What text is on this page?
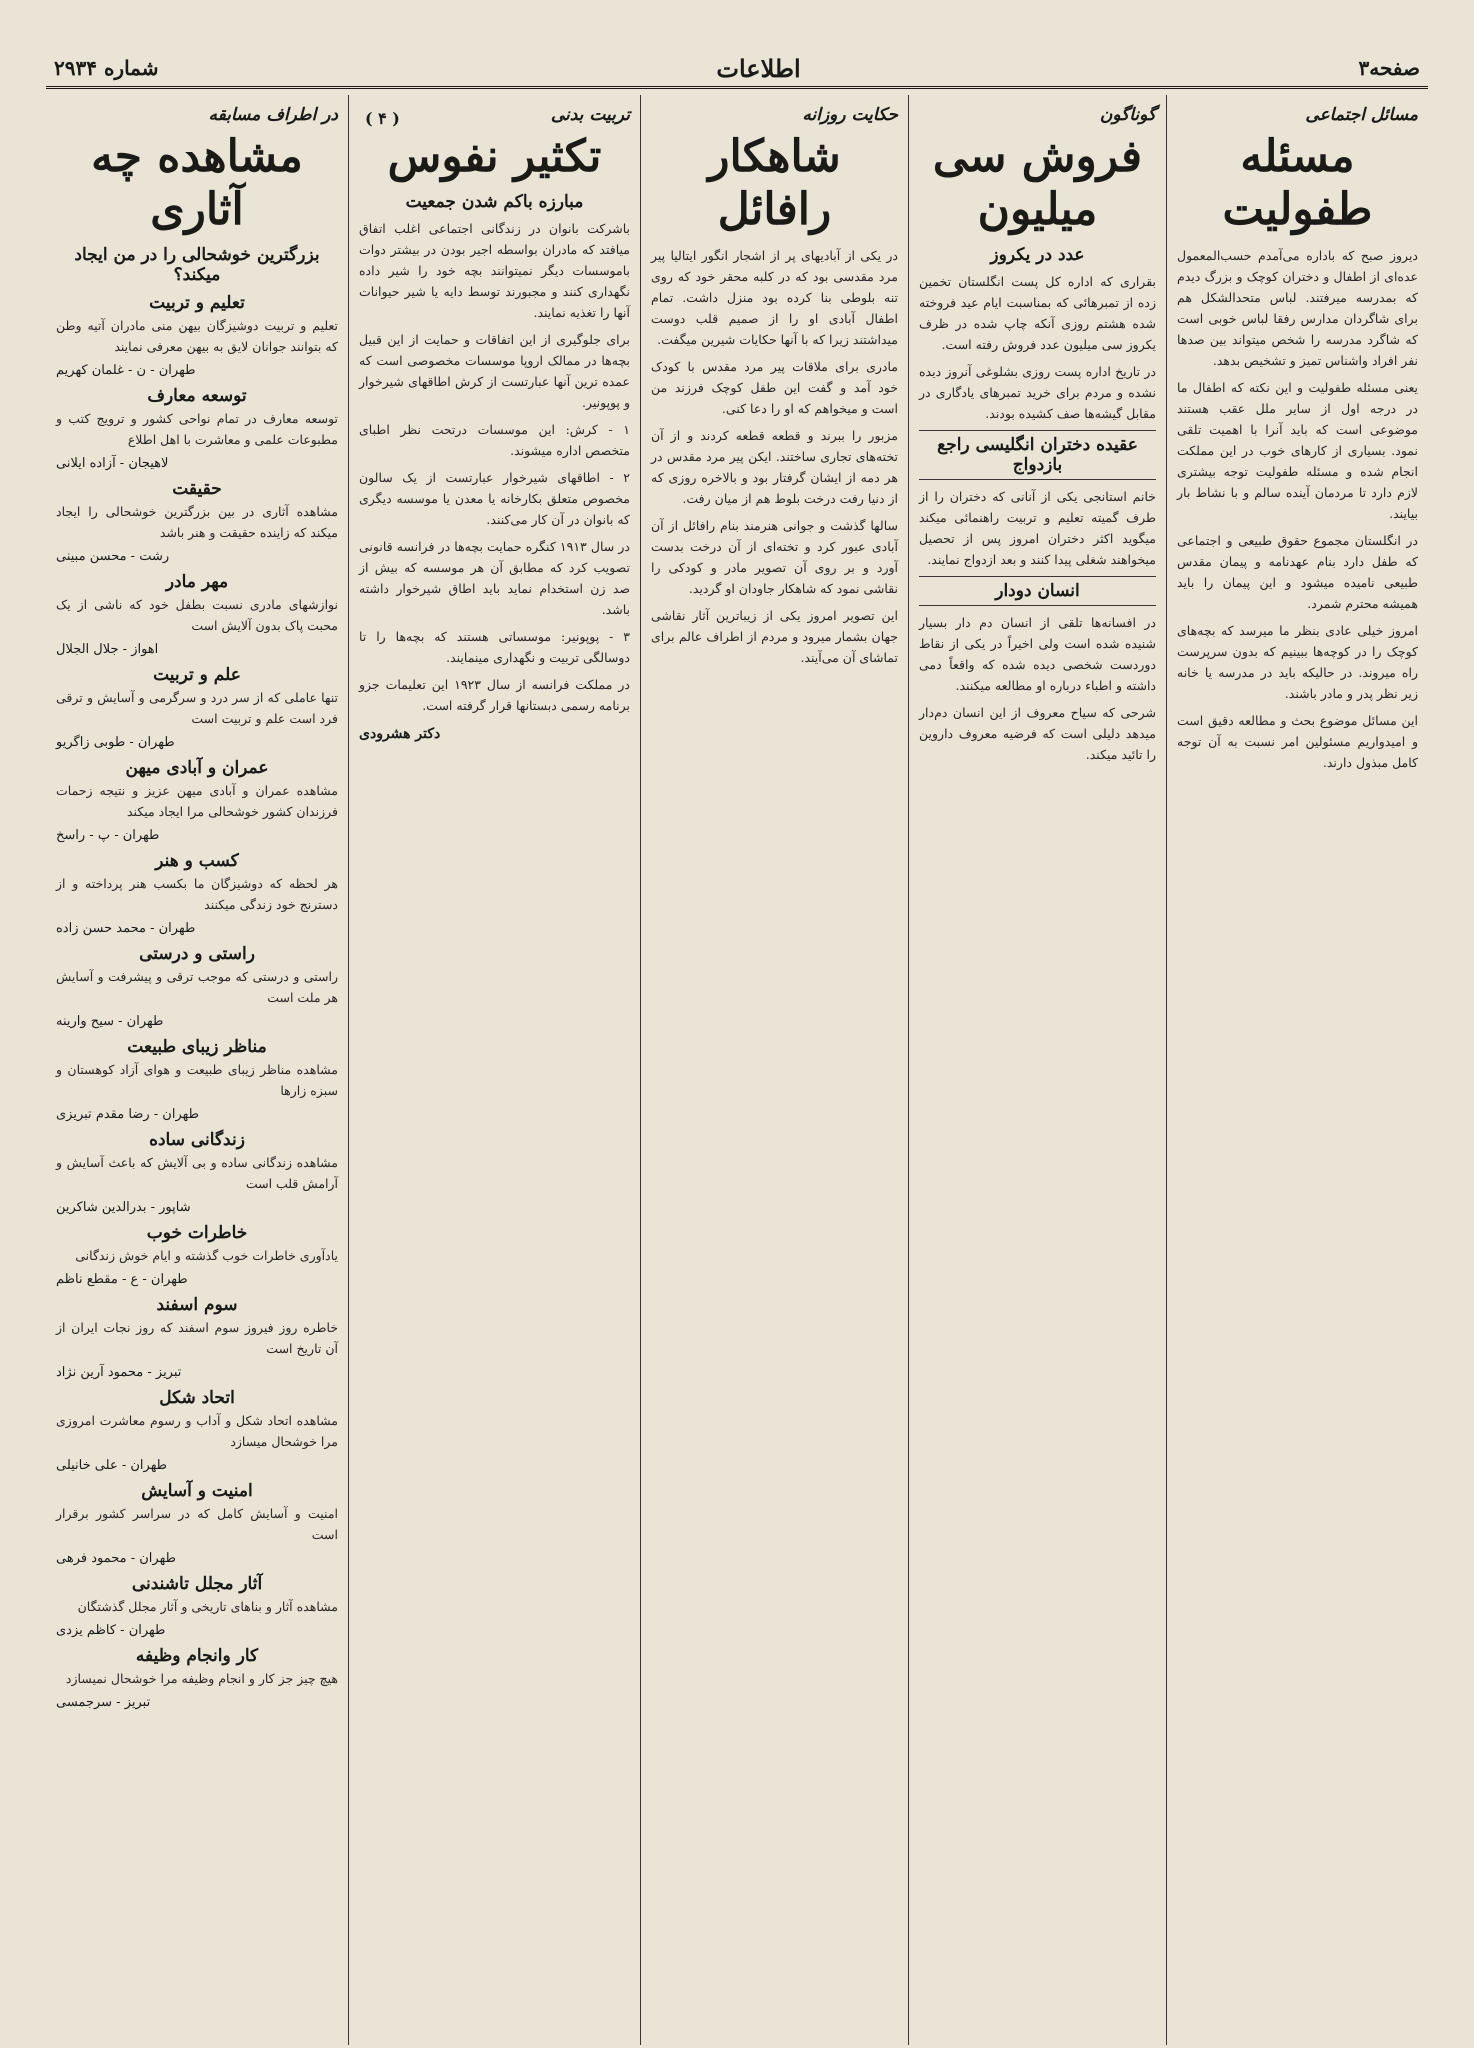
صفحه۳
اطلاعات
شماره ۲۹۳۴
مسائل اجتماعی
مسئله طفولیت

دیروز صبح که باداره می‌آمدم حسب‌المعمول عده‌ای از اطفال و دختران کوچک و بزرگ دیدم که بمدرسه میرفتند. لباس متحدالشکل هم برای شاگردان مدارس رفقا لباس خوبی است که شاگرد مدرسه را شخص میتواند بین صدها نفر افراد واشناس تمیز و تشخیص بدهد.

یعنی مسئله طفولیت و این نکته که اطفال ما در درجه اول از سایر ملل عقب هستند موضوعی است که باید آنرا با اهمیت تلقی نمود. بسیاری از کارهای خوب در این مملکت انجام شده و مسئله طفولیت توجه بیشتری لازم دارد تا مردمان آینده سالم و با نشاط بار بیایند.

در انگلستان مجموع حقوق طبیعی و اجتماعی که طفل دارد بنام عهدنامه و پیمان مقدس طبیعی نامیده میشود و این پیمان را باید همیشه محترم شمرد.

امروز خیلی عادی بنظر ما میرسد که بچه‌های کوچک را در کوچه‌ها ببینیم که بدون سرپرست راه میروند. در حالیکه باید در مدرسه یا خانه زیر نظر پدر و مادر باشند.

این مسائل موضوع بحث و مطالعه دقیق است و امیدواریم مسئولین امر نسبت به آن توجه کامل مبذول دارند.

گوناگون
فروش سی میلیون
عدد در یکروز

بقراری که اداره کل پست انگلستان تخمین زده از تمبرهائی که بمناسبت ایام عید فروخته شده هشتم روزی آنکه چاپ شده در ظرف یکروز سی میلیون عدد فروش رفته است.

در تاریخ اداره پست روزی بشلوغی آنروز دیده نشده و مردم برای خرید تمبرهای یادگاری در مقابل گیشه‌ها صف کشیده بودند.

عقیده دختران انگلیسی راجع بازدواج

خانم استانجی یکی از آنانی که دختران را از طرف گمیته تعلیم و تربیت راهنمائی میکند میگوید اکثر دختران امروز پس از تحصیل میخواهند شغلی پیدا کنند و بعد ازدواج نمایند.

انسان‌ دودار

در افسانه‌ها تلقی از انسان دم دار بسیار شنیده شده است ولی اخیراً در یکی از نقاط دوردست شخصی دیده شده که واقعاً دمی داشته و اطباء درباره او مطالعه میکنند.

شرحی که سیاح معروف از این انسان دم‌دار میدهد دلیلی است که فرضیه معروف داروین را تائید میکند.

حکایت روزانه
شاهکار رافائل

در یکی از آبادیهای پر از اشجار انگور ایتالیا پیر مرد مقدسی بود که در کلبه محقر خود که روی تنه بلوطی بنا کرده بود منزل داشت. تمام اطفال آبادی او را از صمیم قلب دوست میداشتند زیرا که با آنها حکایات شیرین میگفت.

مادری برای ملاقات پیر مرد مقدس با کودک خود آمد و گفت این طفل کوچک فرزند من است و میخواهم که او را دعا کنی.

مزبور را ببرند و قطعه قطعه کردند و از آن تخته‌های تجاری ساختند. ایکن پیر مرد مقدس در هر دمه از ایشان گرفتار بود و بالاخره روزی که از دنیا رفت درخت بلوط هم از میان رفت.

سالها گذشت و جوانی هنرمند بنام رافائل از آن آبادی عبور کرد و تخته‌ای از آن درخت بدست آورد و بر روی آن تصویر مادر و کودکی را نقاشی نمود که شاهکار جاودان او گردید.

این تصویر امروز یکی از زیباترین آثار نقاشی جهان بشمار میرود و مردم از اطراف عالم برای تماشای آن می‌آیند.

( ۴ )	تربیت بدنی
تکثیر نفوس
مبارزه باکم شدن جمعیت

باشرکت بانوان در زندگانی اجتماعی اغلب اتفاق میافتد که مادران بواسطه اجیر بودن در بیشتر دوات باموسسات دیگر نمیتوانند بچه خود را شیر داده نگهداری کنند و مجبورند توسط دایه یا شیر حیوانات آنها را تغذیه نمایند.

برای جلوگیری از این اتفاقات و حمایت از این قبیل بچه‌ها در ممالک اروپا موسسات مخصوصی است که عمده ترین آنها عبارتست از کرش اطاقهای شیرخوار و پوپونیر.

۱ - کرش: این موسسات درتحت نظر اطبای متخصص اداره میشوند.

۲ - اطاقهای شیرخوار عبارتست از یک سالون مخصوص متعلق بکارخانه یا معدن یا موسسه دیگری که بانوان در آن کار می‌کنند.

در سال ۱۹۱۳ کنگره حمایت بچه‌ها در فرانسه قانونی تصویب کرد که مطابق آن هر موسسه که بیش از صد زن استخدام نماید باید اطاق شیرخوار داشته باشد.

۳ - پوپونیر: موسساتی هستند که بچه‌ها را تا دوسالگی تربیت و نگهداری مینمایند.

در مملکت فرانسه از سال ۱۹۲۳ این تعلیمات جزو برنامه رسمی دبستانها قرار گرفته است.

دکتر هشرودی
در اطراف مسابقه
مشاهده چه آثاری
بزرگترین خوشحالی را در من ایجاد میکند؟
تعلیم و تربیت

تعلیم و تربیت دوشیزگان بیهن منی مادران آتیه وطن که بتوانند جوانان لایق به بیهن معرفی نمایند

طهران - ن - غلمان کهریم
توسعه معارف

توسعه معارف در تمام نواحی کشور و ترویج کتب و مطبوعات علمی و معاشرت با اهل اطلاع

لاهیجان - آزاده ایلانی
حقیقت

مشاهده آثاری در بین بزرگترین خوشحالی را ایجاد میکند که زاینده حقیقت و هنر باشد

رشت - محسن مبینی
مهر مادر

نوازشهای مادری نسبت بطفل خود که ناشی از یک محبت پاک بدون آلایش است

اهواز - جلال الجلال
علم و تربیت

تنها عاملی که از سر درد و سرگرمی و آسایش و ترقی فرد است علم و تربیت است

طهران - طوبی زاگریو
عمران و آبادی میهن

مشاهده عمران و آبادی میهن عزیز و نتیجه زحمات فرزندان کشور خوشحالی مرا ایجاد میکند

طهران - پ - راسخ
کسب و هنر

هر لحظه که دوشیزگان ما بکسب هنر پرداخته و از دسترنج خود زندگی میکنند

طهران - محمد حسن زاده
راستی و درستی

راستی و درستی که موجب ترقی و پیشرفت و آسایش هر ملت است

طهران - سیح وارینه
مناظر زیبای طبیعت

مشاهده مناظر زیبای طبیعت و هوای آزاد کوهستان و سبزه زارها

طهران - رضا مقدم تبریزی
زندگانی ساده

مشاهده زندگانی ساده و بی آلایش که باعث آسایش و آرامش قلب است

شاپور - بدرالدین شاکرین
خاطرات خوب

یادآوری خاطرات خوب گذشته و ایام خوش زندگانی

طهران - ع - مقطع ناظم
سوم اسفند

خاطره روز فیروز سوم اسفند که روز نجات ایران از آن تاریخ است

تبریز - محمود آرین نژاد
اتحاد شکل

مشاهده اتحاد شکل و آداب و رسوم معاشرت امروزی مرا خوشحال میسازد

طهران - علی خانیلی
امنیت و آسایش

امنیت و آسایش کامل که در سراسر کشور برقرار است

طهران - محمود فرهی
آثار مجلل تاشندنی

مشاهده آثار و بناهای تاریخی و آثار مجلل گذشتگان

طهران - کاظم یزدی
کار وانجام وظیفه

هیچ چیز جز کار و انجام وظیفه مرا خوشحال نمیسازد

تبریز - سرجمسی
